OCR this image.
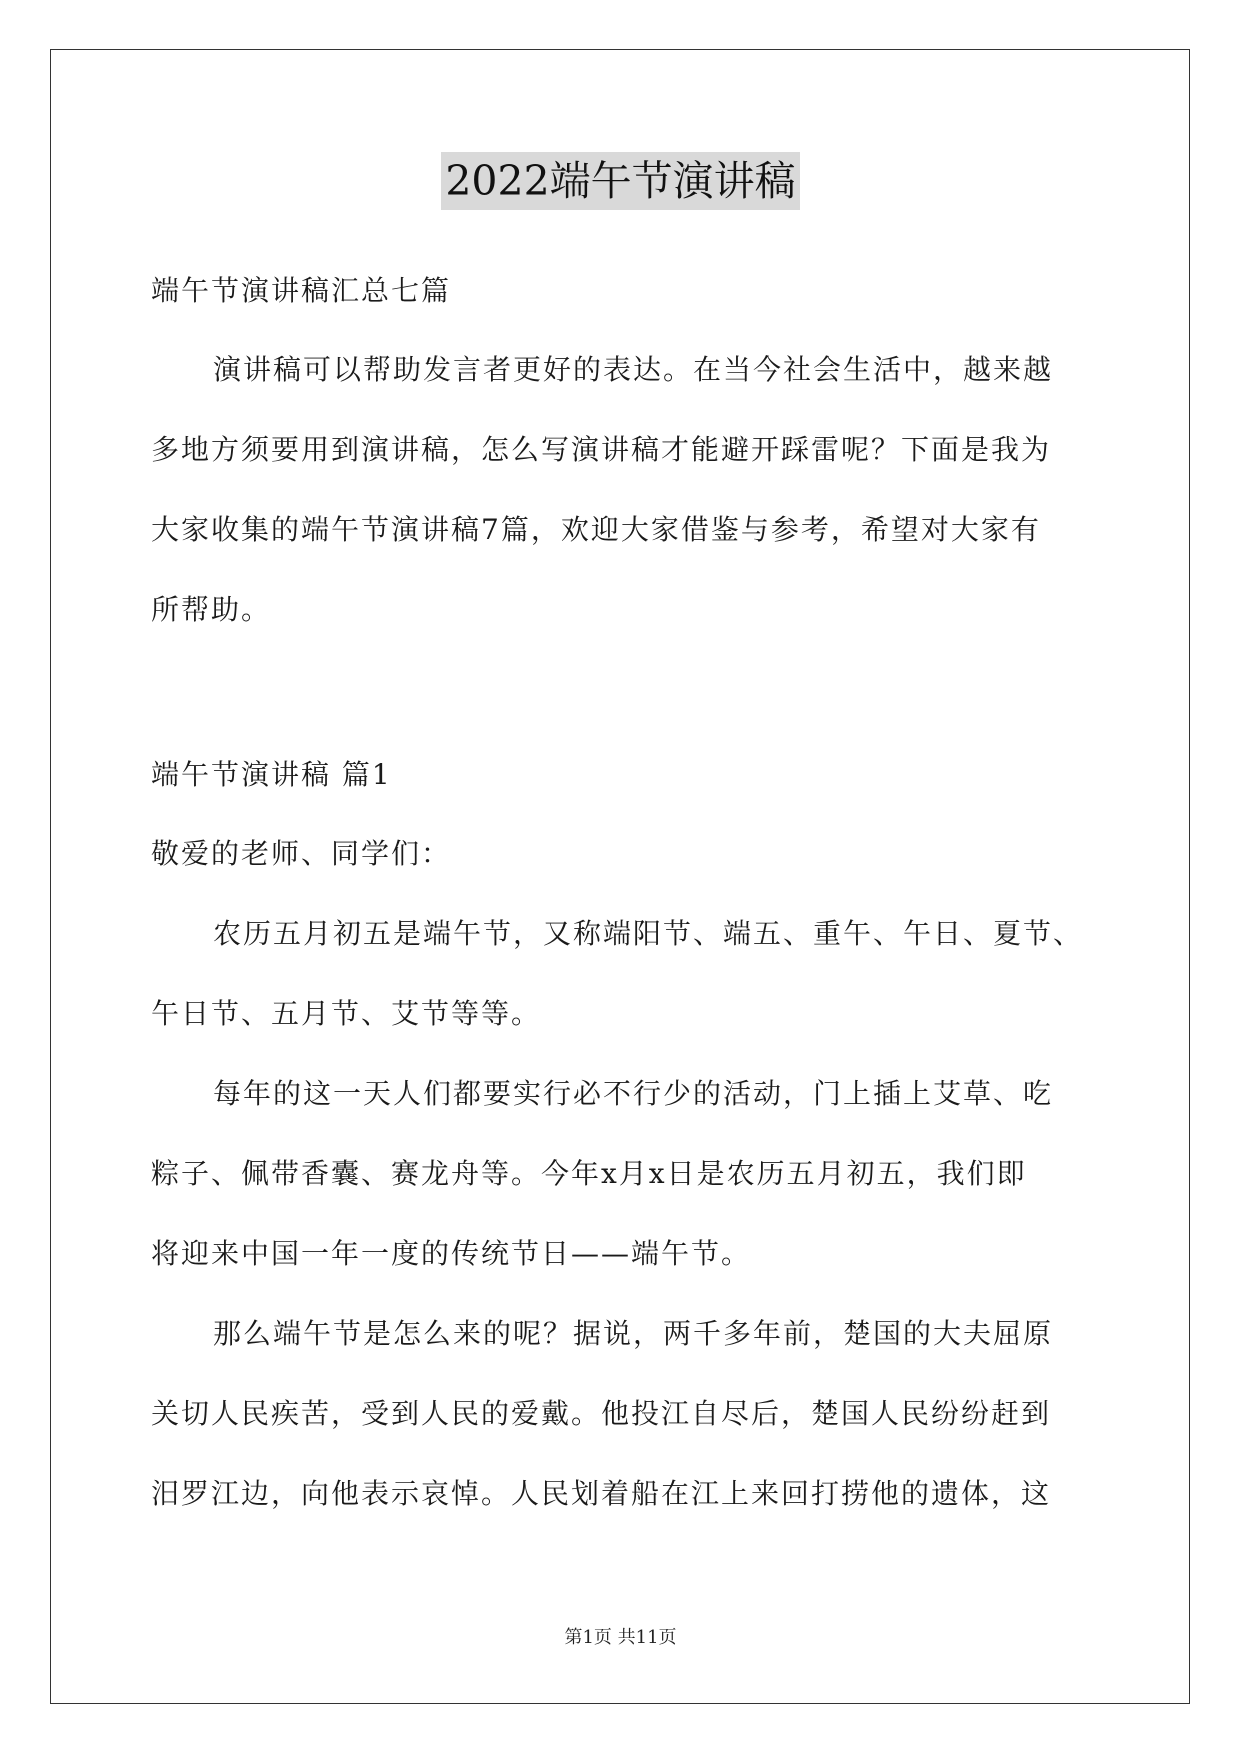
2022端午节演讲稿
端午节演讲稿汇总七篇
演讲稿可以帮助发言者更好的表达。在当今社会生活中，越来越
多地方须要用到演讲稿，怎么写演讲稿才能避开踩雷呢？下面是我为
大家收集的端午节演讲稿7篇，欢迎大家借鉴与参考，希望对大家有
所帮助。
端午节演讲稿 篇1
敬爱的老师、同学们：
农历五月初五是端午节，又称端阳节、端五、重午、午日、夏节、
午日节、五月节、艾节等等。
每年的这一天人们都要实行必不行少的活动，门上插上艾草、吃
粽子、佩带香囊、赛龙舟等。今年x月x日是农历五月初五，我们即
将迎来中国一年一度的传统节日——端午节。
那么端午节是怎么来的呢？据说，两千多年前，楚国的大夫屈原
关切人民疾苦，受到人民的爱戴。他投江自尽后，楚国人民纷纷赶到
汨罗江边，向他表示哀悼。人民划着船在江上来回打捞他的遗体，这
第1页 共11页
